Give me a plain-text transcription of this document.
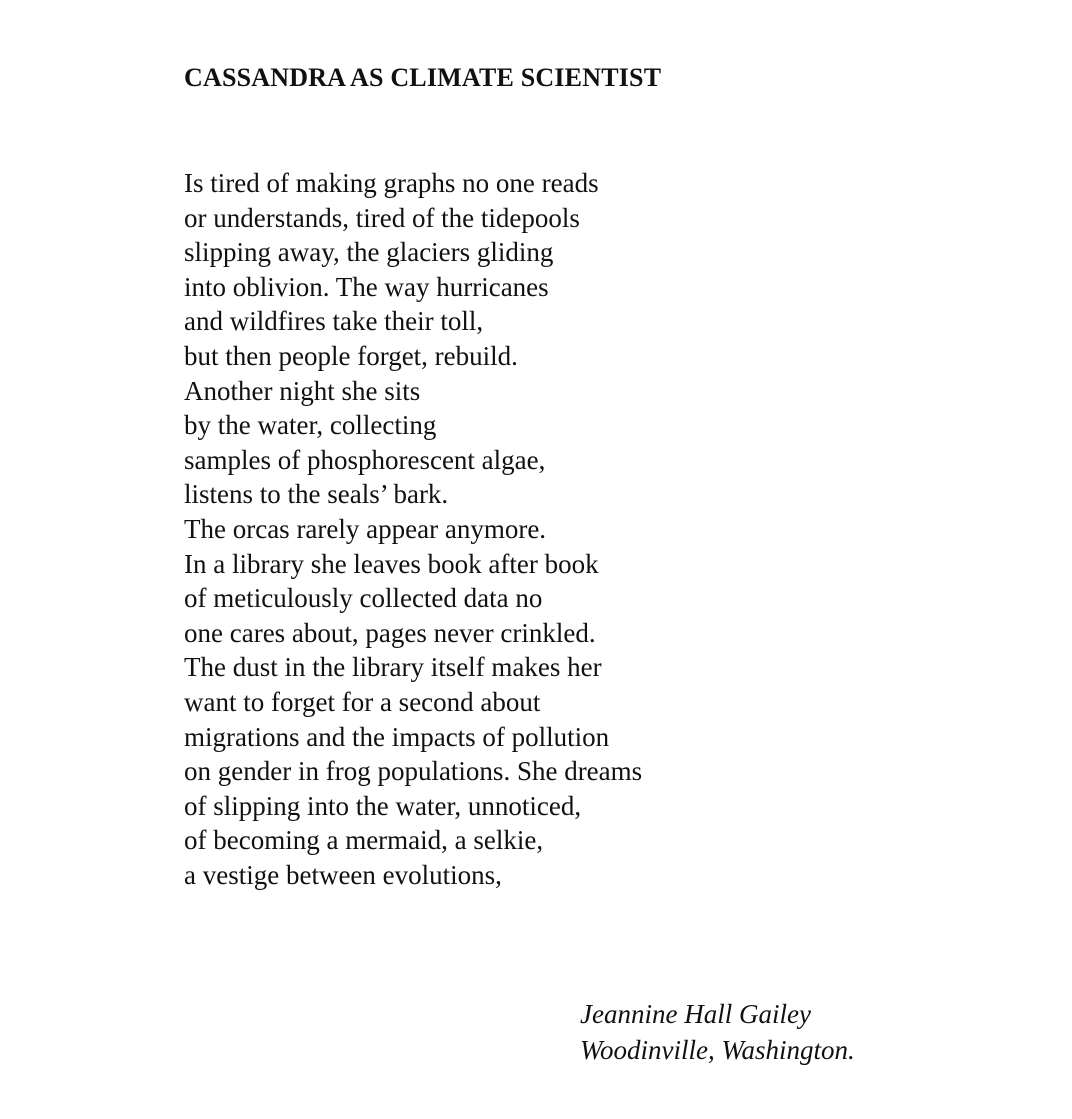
CASSANDRA AS CLIMATE SCIENTIST
Is tired of making graphs no one reads
or understands, tired of the tidepools
slipping away, the glaciers gliding
into oblivion. The way hurricanes
and wildfires take their toll,
but then people forget, rebuild.
Another night she sits
by the water, collecting
samples of phosphorescent algae,
listens to the seals’ bark.
The orcas rarely appear anymore.
In a library she leaves book after book
of meticulously collected data no
one cares about, pages never crinkled.
The dust in the library itself makes her
want to forget for a second about
migrations and the impacts of pollution
on gender in frog populations. She dreams
of slipping into the water, unnoticed,
of becoming a mermaid, a selkie,
a vestige between evolutions,
Jeannine Hall Gailey
Woodinville, Washington.
